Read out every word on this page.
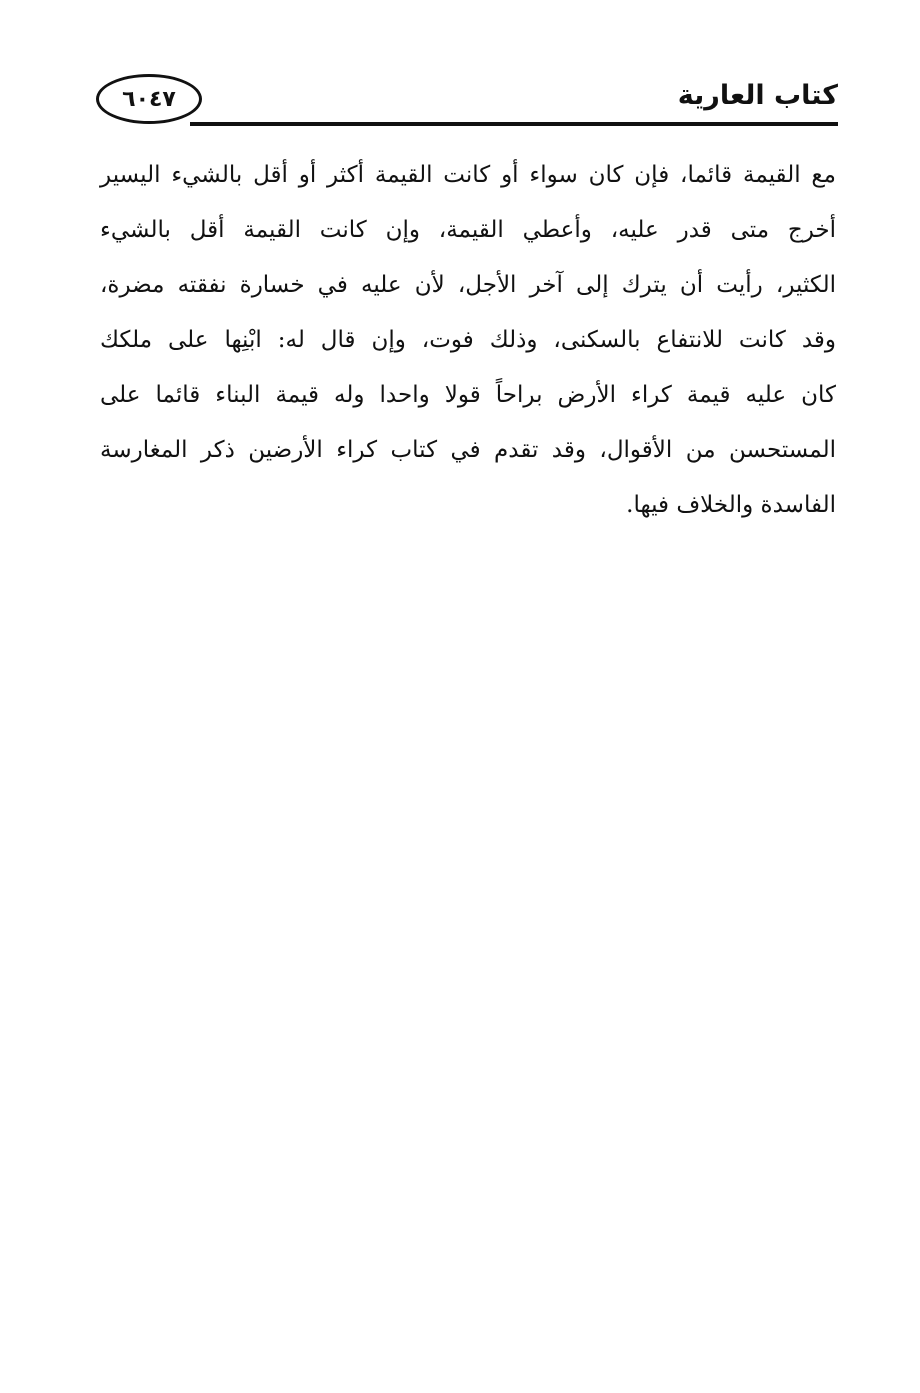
٦٠٤٧	كتاب العارية
مع القيمة قائما، فإن كان سواء أو كانت القيمة أكثر أو أقل بالشيء اليسير
أخرج متى قدر عليه، وأعطي القيمة، وإن كانت القيمة أقل بالشيء
الكثير، رأيت أن يترك إلى آخر الأجل، لأن عليه في خسارة نفقته مضرة،
وقد كانت للانتفاع بالسكنى، وذلك فوت، وإن قال له: ابْنِها على ملكك
كان عليه قيمة كراء الأرض براحاً قولا واحدا وله قيمة البناء قائما على
المستحسن من الأقوال، وقد تقدم في كتاب كراء الأرضين ذكر المغارسة
الفاسدة والخلاف فيها.
